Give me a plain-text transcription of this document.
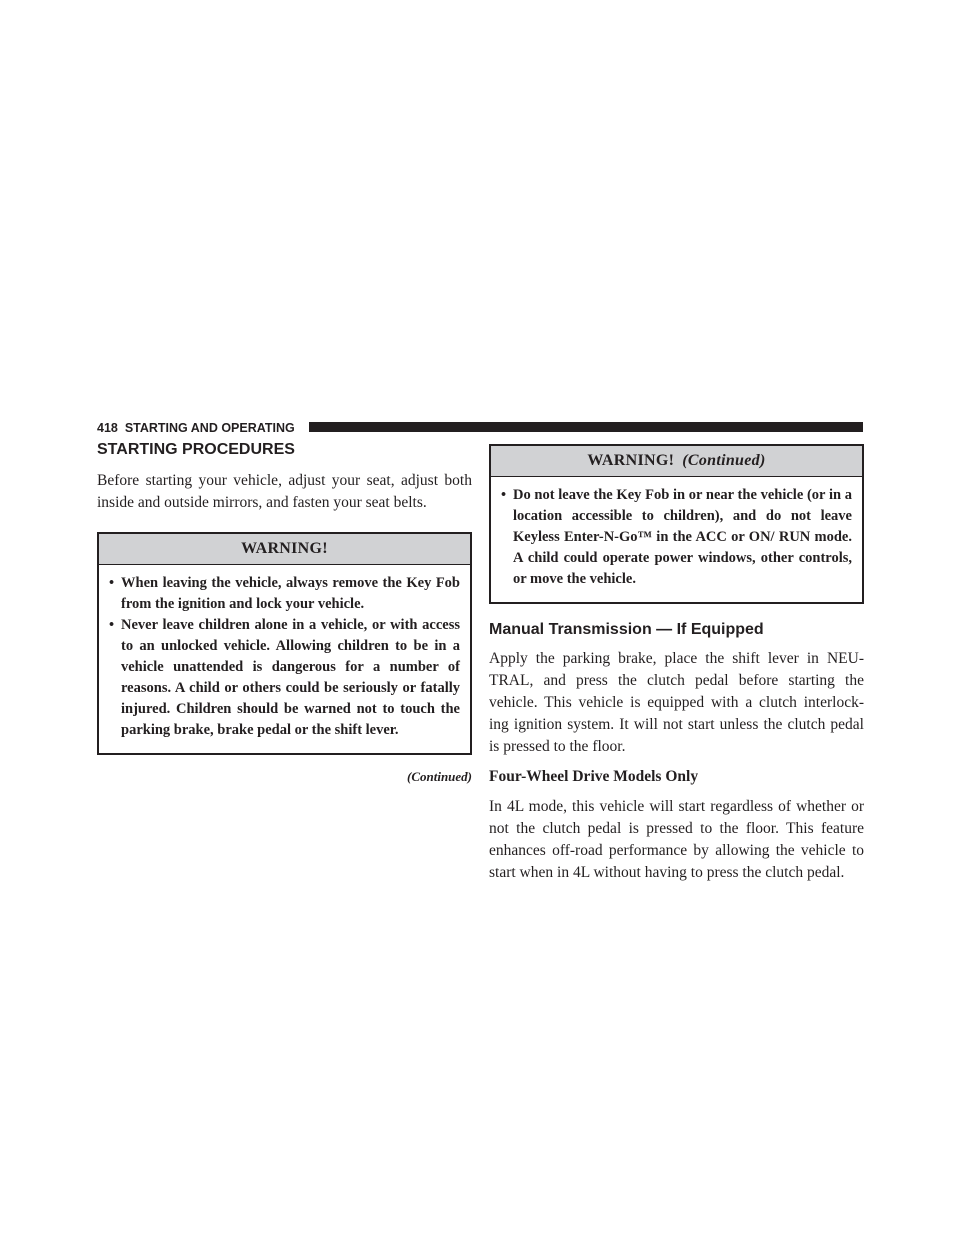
418 STARTING AND OPERATING
STARTING PROCEDURES

Before starting your vehicle, adjust your seat, adjust both inside and outside mirrors, and fasten your seat belts.

WARNING!
• When leaving the vehicle, always remove the Key Fob from the ignition and lock your vehicle.
• Never leave children alone in a vehicle, or with access to an unlocked vehicle. Allowing children to be in a vehicle unattended is dangerous for a number of reasons. A child or others could be seriously or fatally injured. Children should be warned not to touch the parking brake, brake pedal or the shift lever.
(Continued)
WARNING! (Continued)
• Do not leave the Key Fob in or near the vehicle (or in a location accessible to children), and do not leave Keyless Enter-N-Go™ in the ACC or ON/ RUN mode. A child could operate power windows, other controls, or move the vehicle.
Manual Transmission — If Equipped

Apply the parking brake, place the shift lever in NEU- TRAL, and press the clutch pedal before starting the vehicle. This vehicle is equipped with a clutch interlock- ing ignition system. It will not start unless the clutch pedal is pressed to the floor.

Four-Wheel Drive Models Only

In 4L mode, this vehicle will start regardless of whether or not the clutch pedal is pressed to the floor. This feature enhances off-road performance by allowing the vehicle to start when in 4L without having to press the clutch pedal.
